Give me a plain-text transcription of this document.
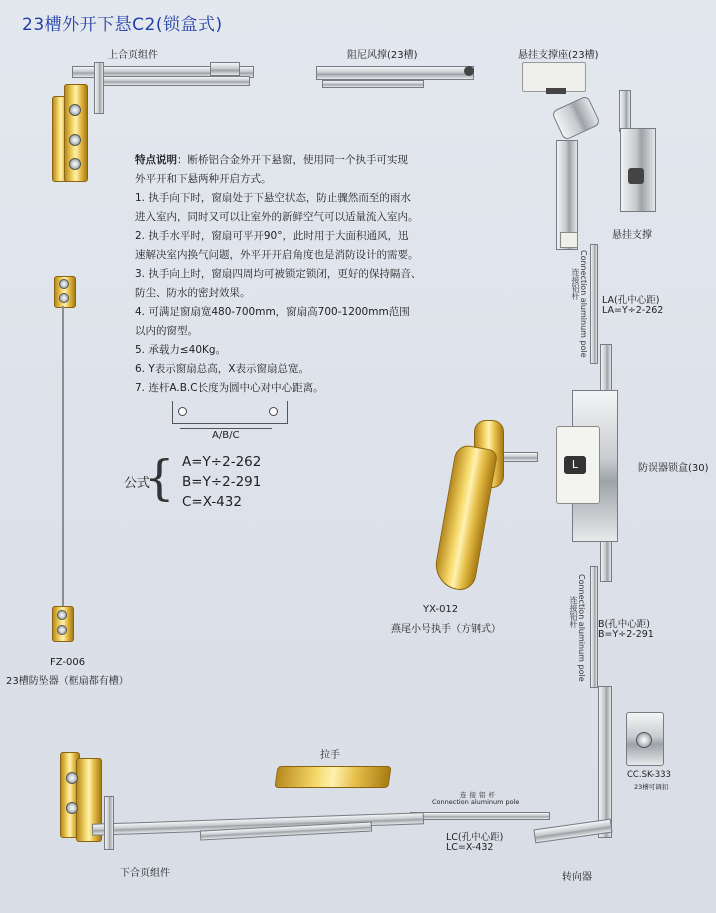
23槽外开下悬C2(锁盒式)
上合页组件	阻尼风撑(23槽)	悬挂支撑座(23槽)
悬挂支撑
连接铝杆 Connection aluminum pole LA(孔中心距)
LA=Y÷2-262
L	防误器锁盒(30)
连接铝杆 Connection aluminum pole B(孔中心距)
B=Y÷2-291
特点说明：断桥铝合金外开下悬窗，使用同一个执手可实现
外平开和下悬两种开启方式。
1. 执手向下时，窗扇处于下悬空状态，防止骤然而至的雨水
进入室内，同时又可以让室外的新鲜空气可以适量流入室内。
2. 执手水平时，窗扇可平开90°，此时用于大面积通风，迅
速解决室内换气问题，外平开开启角度也是消防设计的需要。
3. 执手向上时，窗扇四周均可被锁定锁闭，更好的保持隔音、
防尘、防水的密封效果。
4. 可满足窗扇宽480-700mm，窗扇高700-1200mm范围
以内的窗型。
5. 承载力≤40Kg。
6. Y表示窗扇总高，X表示窗扇总宽。
7. 连杆A.B.C长度为圆中心对中心距离。
A/B/C
公式
{ A=Y÷2-262
B=Y÷2-291
C=X-432
YX-012
燕尾小号执手（方钢式）
FZ-006
23槽防坠器（框扇都有槽）
转向器
CC.SK-333
23槽可调扣
连接铝杆
Connection aluminum pole
LC(孔中心距)
LC=X-432
拉手
下合页组件
